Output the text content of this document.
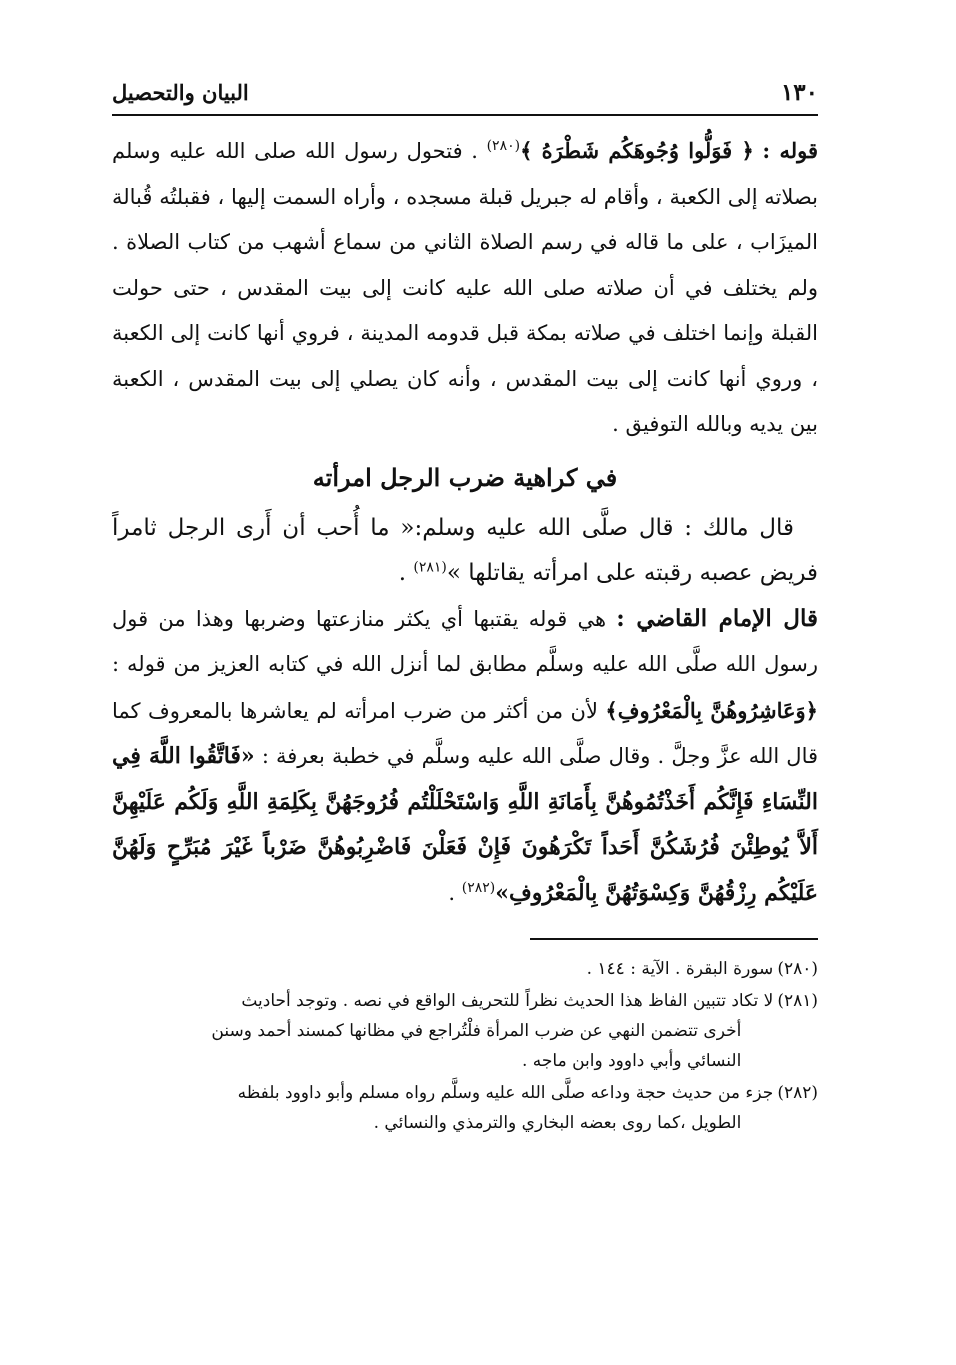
١٣٠
البيان والتحصيل

قوله : ﴿ فَوَلُّوا وُجُوهَكُم شَطْرَهُ ﴾$^{(٢٨٠)}$ . فتحول رسول الله صلى الله عليه وسلم بصلاته إلى الكعبة ، وأقام له جبريل قبلة مسجده ، وأراه السمت إليها ، فقبلتُه قُبالة الميزَاب ، على ما قاله في رسم الصلاة الثاني من سماع أشهب من كتاب الصلاة . ولم يختلف في أن صلاته صلى الله عليه كانت إلى بيت المقدس ، حتى حولت القبلة وإنما اختلف في صلاته بمكة قبل قدومه المدينة ، فروي أنها كانت إلى الكعبة ، وروي أنها كانت إلى بيت المقدس ، وأنه كان يصلي إلى بيت المقدس ، الكعبة بين يديه وبالله التوفيق .

في كراهية ضرب الرجل امرأته

قال مالك : قال صلَّى الله عليه وسلم:« ما أُحب أن أَرى الرجل ثامراً فريض عصبه رقبته على امرأته يقاتلها »$^{(٢٨١)}$ .

قال الإمام القاضي : هي قوله يقتبها أي يكثر منازعتها وضربها وهذا من قول رسول الله صلَّى الله عليه وسلَّم مطابق لما أنزل الله في كتابه العزيز من قوله : ﴿وَعَاشِرُوهُنَّ بِالْمَعْرُوفِ﴾ لأن من أكثر من ضرب امرأته لم يعاشرها بالمعروف كما قال الله عزَّ وجلَّ . وقال صلَّى الله عليه وسلَّم في خطبة بعرفة : «فَاتَّقُوا اللَّهَ فِي النِّسَاءِ فَإِنَّكُم أَخَذْتُمُوهُنَّ بِأَمَانَةِ اللَّهِ وَاسْتَحْلَلْتُم فُرُوجَهُنَّ بِكَلِمَةِ اللَّهِ وَلَكُم عَلَيْهِنَّ أَلاَّ يُوطِئْنَ فُرُشَكُنَّ أَحَداً تَكْرَهُونَ فَإِنْ فَعَلْنَ فَاضْرِبُوهُنَّ ضَرْباً غَيْرَ مُبَرِّحٍ وَلَهُنَّ عَلَيْكُم رِزْقُهُنَّ وَكِسْوَتُهُنَّ بِالْمَعْرُوفِ»$^{(٢٨٢)}$ .

(٢٨٠)
سورة البقرة . الآية : ١٤٤ .
(٢٨١)
لا تكاد تتبين الفاظ هذا الحديث نظراً للتحريف الواقع في نصه . وتوجد أحاديث
أخرى تتضمن النهي عن ضرب المرأة فلْتُراجع في مظانها كمسند أحمد وسنن
النسائي وأبي داوود وابن ماجه .
(٢٨٢)
جزء من حديث حجة وداعه صلَّى الله عليه وسلَّم رواه مسلم وأبو داوود بلفظه
الطويل ،كما روى بعضه البخاري والترمذي والنسائي .
